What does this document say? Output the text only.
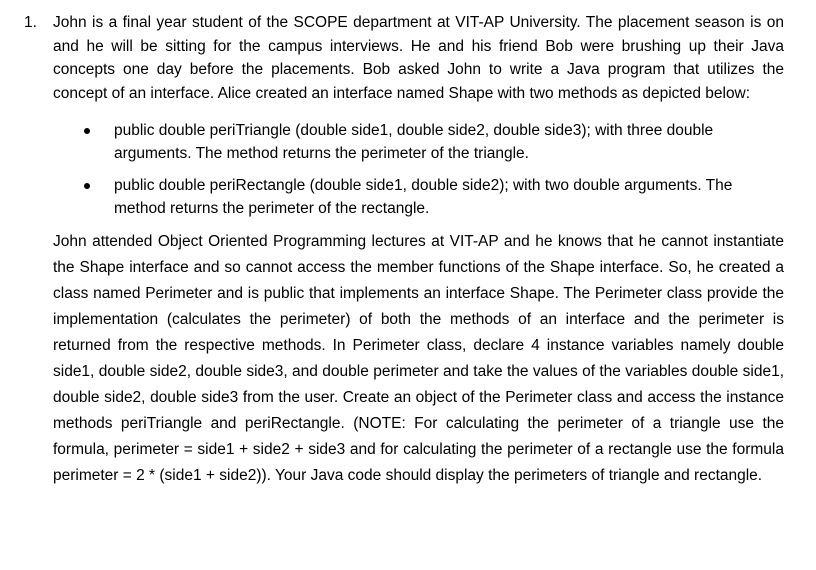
1. John is a final year student of the SCOPE department at VIT-AP University. The placement season is on and he will be sitting for the campus interviews. He and his friend Bob were brushing up their Java concepts one day before the placements. Bob asked John to write a Java program that utilizes the concept of an interface. Alice created an interface named Shape with two methods as depicted below:
public double periTriangle (double side1, double side2, double side3); with three double arguments. The method returns the perimeter of the triangle.
public double periRectangle (double side1, double side2); with two double arguments. The method returns the perimeter of the rectangle.
John attended Object Oriented Programming lectures at VIT-AP and he knows that he cannot instantiate the Shape interface and so cannot access the member functions of the Shape interface. So, he created a class named Perimeter and is public that implements an interface Shape. The Perimeter class provide the implementation (calculates the perimeter) of both the methods of an interface and the perimeter is returned from the respective methods. In Perimeter class, declare 4 instance variables namely double side1, double side2, double side3, and double perimeter and take the values of the variables double side1, double side2, double side3 from the user. Create an object of the Perimeter class and access the instance methods periTriangle and periRectangle. (NOTE: For calculating the perimeter of a triangle use the formula, perimeter = side1 + side2 + side3 and for calculating the perimeter of a rectangle use the formula perimeter = 2 * (side1 + side2)). Your Java code should display the perimeters of triangle and rectangle.
